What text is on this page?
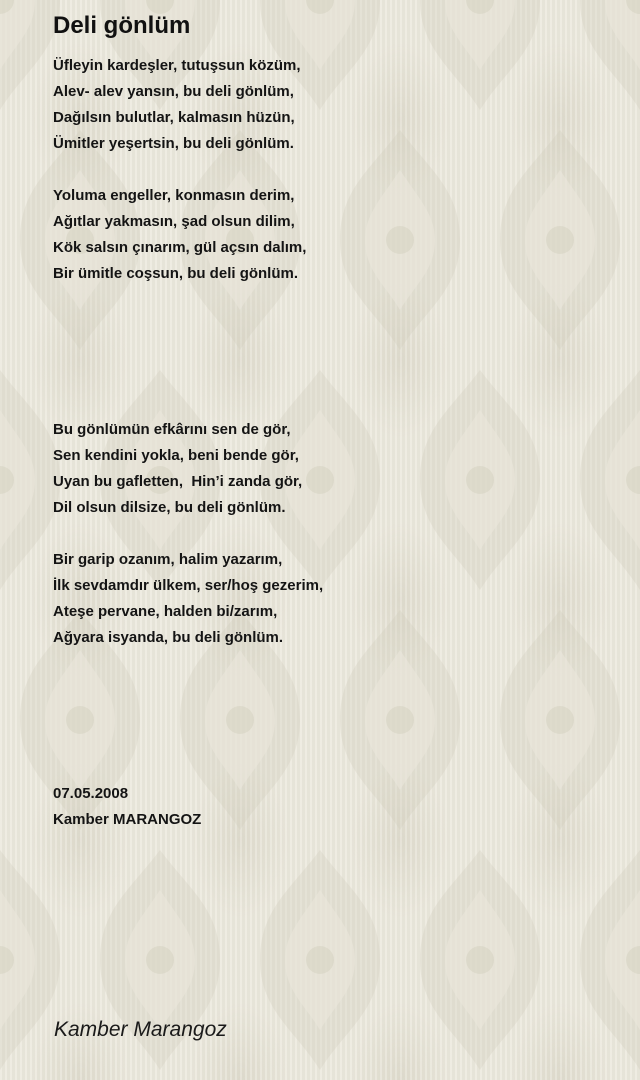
Deli gönlüm
Üfleyin kardeşler, tutuşsun közüm,
Alev- alev yansın, bu deli gönlüm,
Dağılsın bulutlar, kalmasın hüzün,
Ümitler yeşertsin, bu deli gönlüm.
Yoluma engeller, konmasın derim,
Ağıtlar yakmasın, şad olsun dilim,
Kök salsın çınarım, gül açsın dalım,
Bir ümitle coşsun, bu deli gönlüm.
Bu gönlümün efkârını sen de gör,
Sen kendini yokla, beni bende gör,
Uyan bu gafletten,  Hin’i zanda gör,
Dil olsun dilsize, bu deli gönlüm.
Bir garip ozanım, halim yazarım,
İlk sevdamdır ülkem, ser/hoş gezerim,
Ateşe pervane, halden bi/zarım,
Ağyara isyanda, bu deli gönlüm.
07.05.2008
Kamber MARANGOZ
Kamber Marangoz
